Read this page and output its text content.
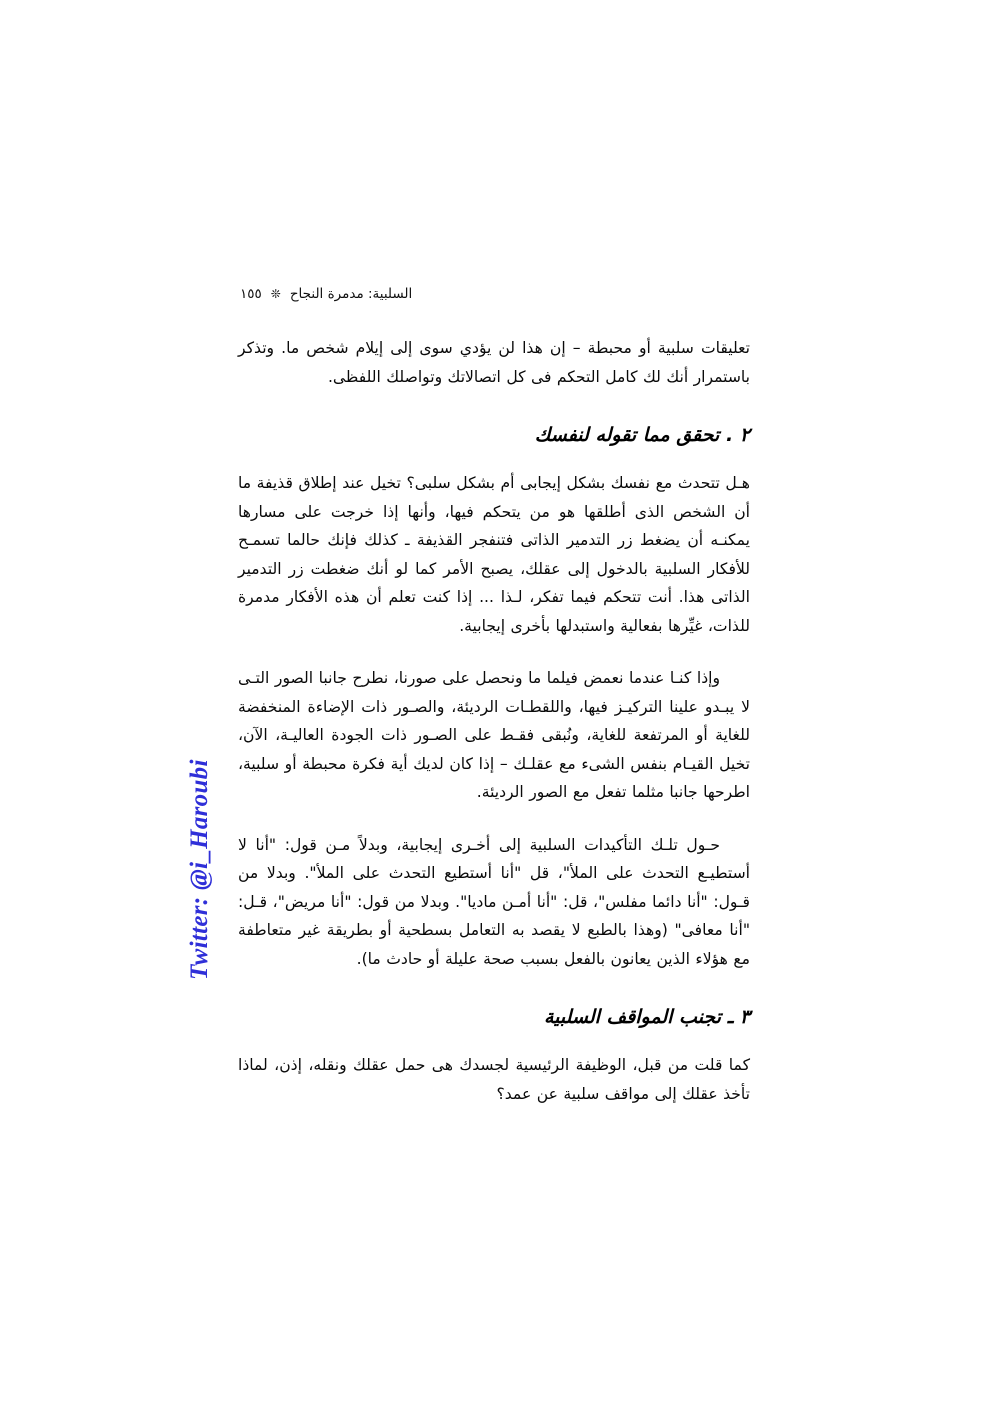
Twitter: @i_Haroubi
السلبية: مدمرة النجاح
❊
١٥٥

تعليقات سلبية أو محبطة – إن هذا لن يؤدي سوى إلى إيلام شخص ما. وتذكر باستمرار أنك لك كامل التحكم فى كل اتصالاتك وتواصلك اللفظى.

٢ . تحقق مما تقوله لنفسك

هـل تتحدث مع نفسك بشكل إيجابى أم بشكل سلبى؟ تخيل عند إطلاق قذيفة ما أن الشخص الذى أطلقها هو من يتحكم فيها، وأنها إذا خرجت على مسارها يمكنـه أن يضغط زر التدمير الذاتى فتنفجر القذيفة ـ كذلك فإنك حالما تسمـح للأفكار السلبية بالدخول إلى عقلك، يصبح الأمر كما لو أنك ضغطت زر التدمير الذاتى هذا. أنت تتحكم فيما تفكر، لـذا ... إذا كنت تعلم أن هذه الأفكار مدمرة للذات، غيِّرها بفعالية واستبدلها بأخرى إيجابية.

وإذا كنـا عندما نعمض فيلما ما ونحصل على صورنا، نطرح جانبا الصور التـى لا يبـدو علينا التركيـز فيها، واللقطـات الرديئة، والصـور ذات الإضاءة المنخفضة للغاية أو المرتفعة للغاية، ونُبقى فقـط على الصـور ذات الجودة العاليـة، الآن، تخيل القيـام بنفس الشىء مع عقلـك – إذا كان لديك أية فكرة محبطة أو سلبية، اطرحها جانبا مثلما تفعل مع الصور الرديئة.

حـول تلـك التأكيدات السلبية إلى أخـرى إيجابية، وبدلاً مـن قول: "أنا لا أستطيـع التحدث على الملأ"، قل "أنا أستطيع التحدث على الملأ". وبدلا من قـول: "أنا دائما مفلس"، قل: "أنا أمـن ماديا". وبدلا من قول: "أنا مريض"، قـل: "أنا معافى" (وهذا بالطبع لا يقصد به التعامل بسطحية أو بطريقة غير متعاطفة مع هؤلاء الذين يعانون بالفعل بسبب صحة عليلة أو حادث ما).

٣ ـ تجنب المواقف السلبية

كما قلت من قبل، الوظيفة الرئيسية لجسدك هى حمل عقلك ونقله، إذن، لماذا تأخذ عقلك إلى مواقف سلبية عن عمد؟
